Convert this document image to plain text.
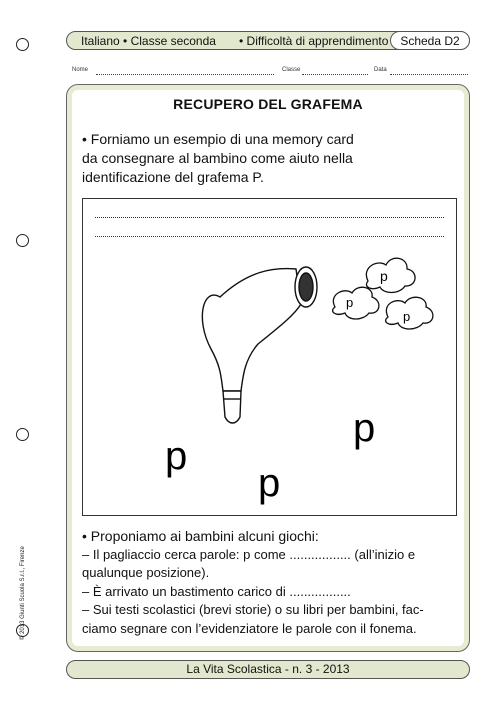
Italiano • Classe seconda • Difficoltà di apprendimento Scheda D2
Nome	Classe	Data
RECUPERO DEL GRAFEMA
• Forniamo un esempio di una memory card
da consegnare al bambino come aiuto nella
identificazione del grafema P.
p
p
p
p
p
p
• Proponiamo ai bambini alcuni giochi:
– Il pagliaccio cerca parole: p come ................. (all’inizio e
qualunque posizione).
– È arrivato un bastimento carico di .................
– Sui testi scolastici (brevi storie) o su libri per bambini, fac-
ciamo segnare con l’evidenziatore le parole con il fonema.
© 2013 Giunti Scuola S.r.l., Firenze
La Vita Scolastica - n. 3 - 2013
